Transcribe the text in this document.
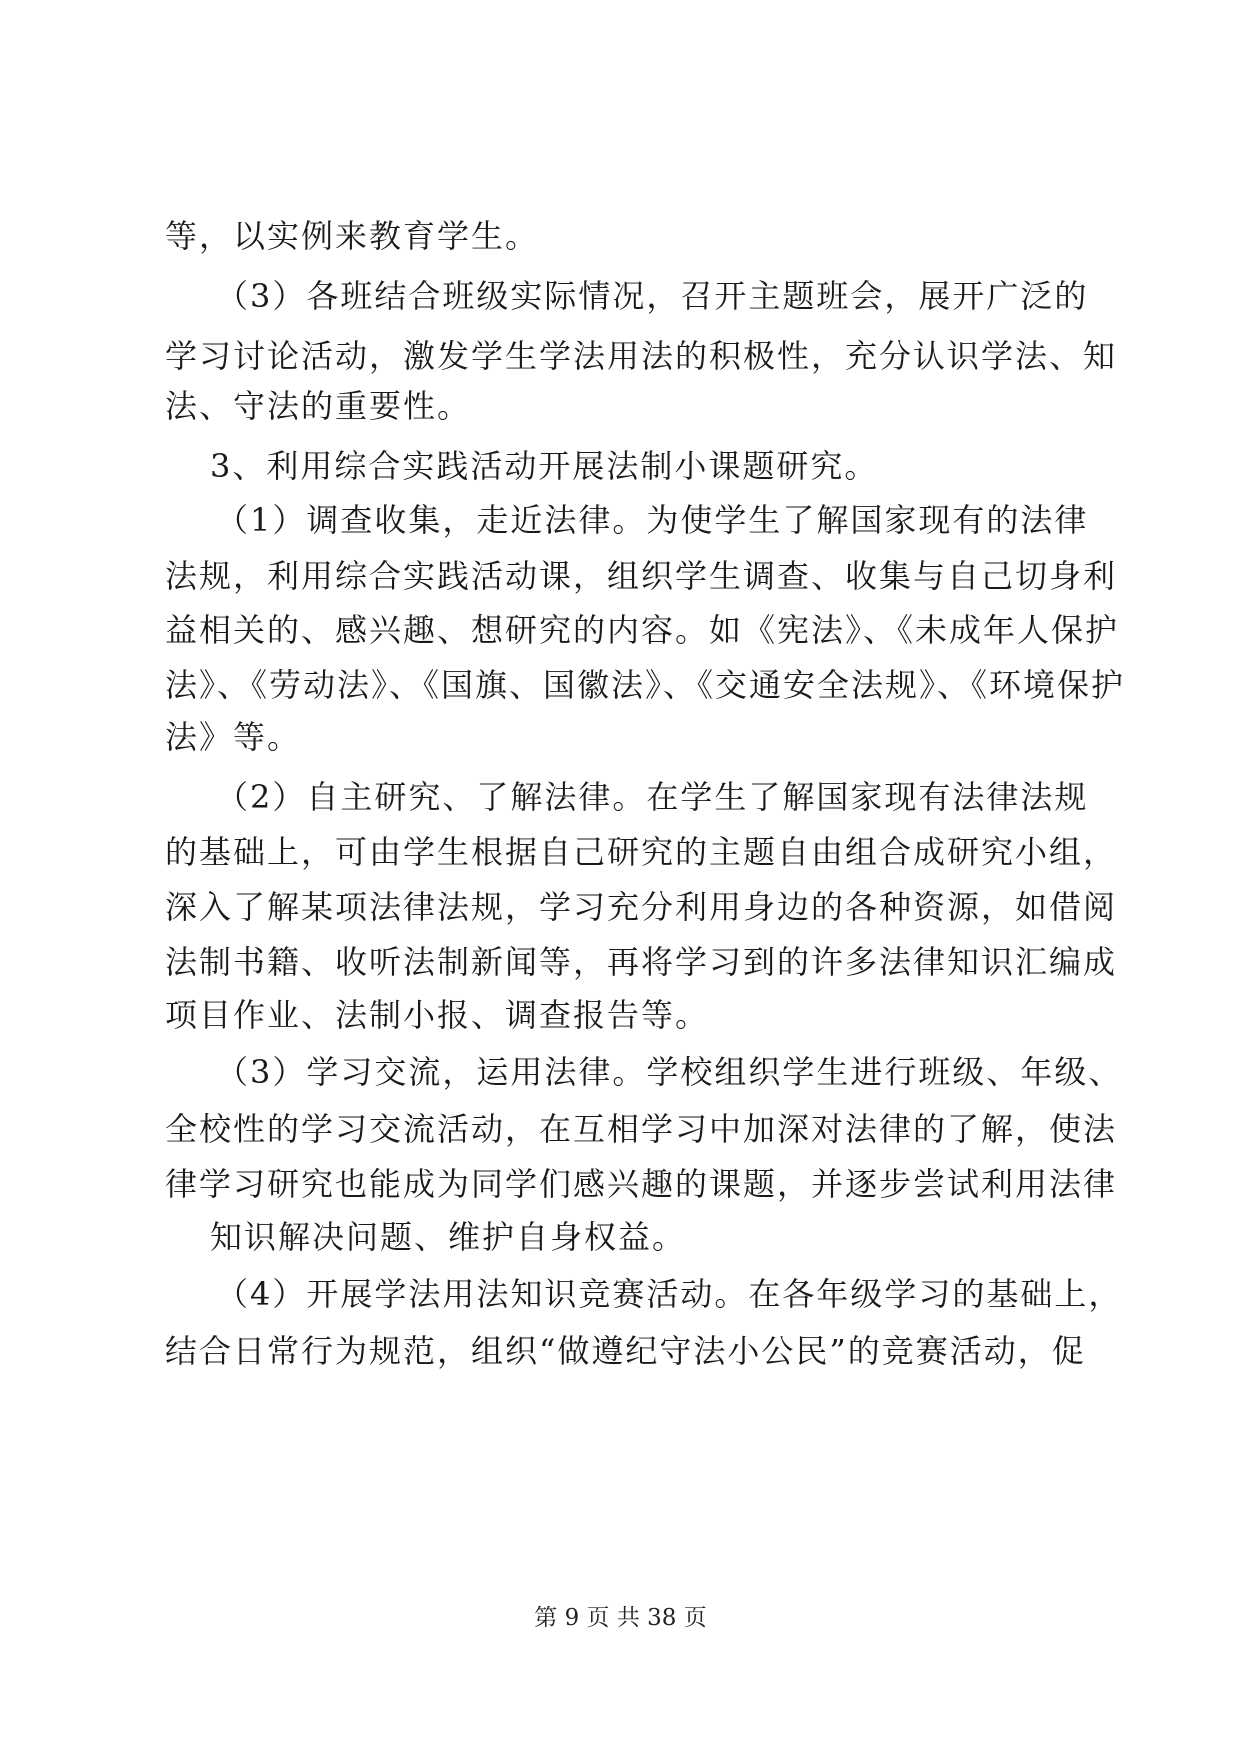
等，以实例来教育学生。
（3）各班结合班级实际情况，召开主题班会，展开广泛的
学习讨论活动，激发学生学法用法的积极性，充分认识学法、知
法、守法的重要性。
3、利用综合实践活动开展法制小课题研究。
（1）调查收集，走近法律。为使学生了解国家现有的法律
法规，利用综合实践活动课，组织学生调查、收集与自己切身利
益相关的、感兴趣、想研究的内容。如《宪法》、《未成年人保护
法》、《劳动法》、《国旗、国徽法》、《交通安全法规》、《环境保护
法》等。
（2）自主研究、了解法律。在学生了解国家现有法律法规
的基础上，可由学生根据自己研究的主题自由组合成研究小组，
深入了解某项法律法规，学习充分利用身边的各种资源，如借阅
法制书籍、收听法制新闻等，再将学习到的许多法律知识汇编成
项目作业、法制小报、调查报告等。
（3）学习交流，运用法律。学校组织学生进行班级、年级、
全校性的学习交流活动，在互相学习中加深对法律的了解，使法
律学习研究也能成为同学们感兴趣的课题，并逐步尝试利用法律
知识解决问题、维护自身权益。
（4）开展学法用法知识竞赛活动。在各年级学习的基础上，
结合日常行为规范，组织“做遵纪守法小公民”的竞赛活动，促
第 9 页 共 38 页
